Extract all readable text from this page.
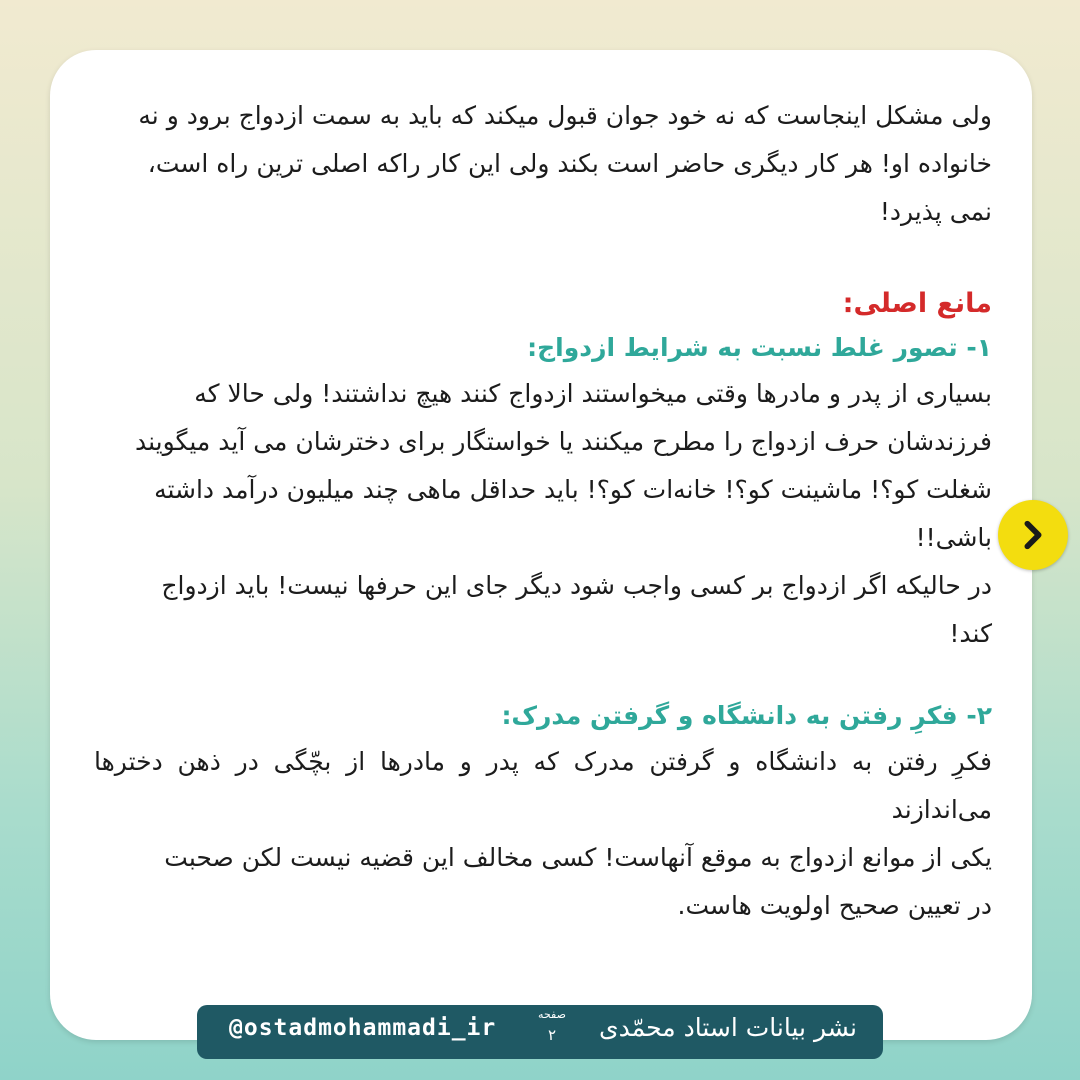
ولی مشکل اینجاست که نه خود جوان قبول میکند که باید به سمت ازدواج برود و نه
خانواده او! هر کار دیگری حاضر است بکند ولی این کار راکه اصلی ترین راه است،
نمی پذیرد!

مانع اصلی:

۱- تصور غلط نسبت به شرایط ازدواج:

بسیاری از پدر و مادرها وقتی میخواستند ازدواج کنند هیچ نداشتند! ولی حالا که
فرزندشان حرف ازدواج را مطرح میکنند یا خواستگار برای دخترشان می آید میگویند
شغلت کو؟! ماشینت کو؟! خانه‌ات کو؟! باید حداقل ماهی چند میلیون درآمد داشته
باشی!!
در حالیکه اگر ازدواج بر کسی واجب شود دیگر جای این حرفها نیست! باید ازدواج
کند!

۲- فکرِ رفتن به دانشگاه و گرفتن مدرک:

فکرِ رفتن به دانشگاه و گرفتن مدرک که پدر و مادرها از بچّگی در ذهن دخترها می‌اندازند
یکی از موانع ازدواج به موقع آنهاست! کسی مخالف این قضیه نیست لکن صحبت
در تعیین صحیح اولویت هاست.

@ostadmohammadi_ir
صفحه
۲	نشر بیانات استاد محمّدی
